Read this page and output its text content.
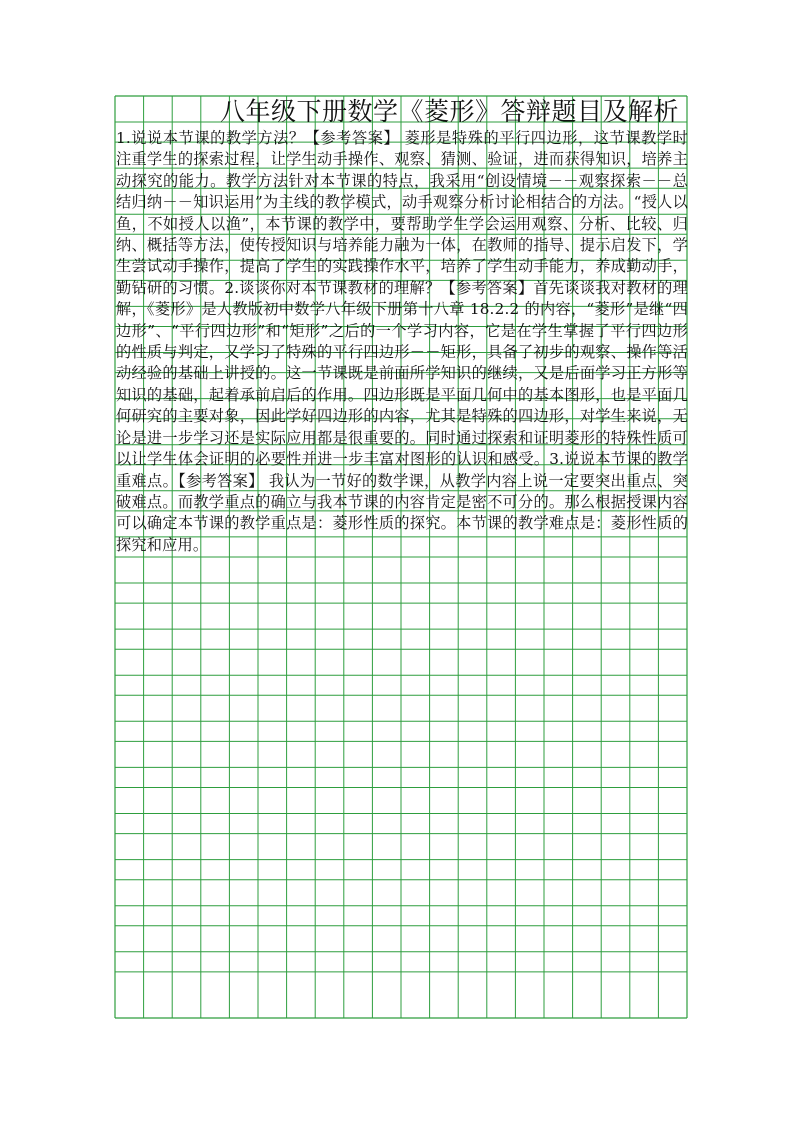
八年级下册数学《菱形》答辩题目及解析
1.说说本节课的教学方法？【参考答案】 菱形是特殊的平行四边形，这节课教学时注重学生的探索过程，让学生动手操作、观察、猜测、验证，进而获得知识，培养主动探究的能力。教学方法针对本节课的特点，我采用“创设情境－－观察探索－－总结归纳－－知识运用”为主线的教学模式，动手观察分析讨论相结合的方法。“授人以鱼，不如授人以渔”，本节课的教学中，要帮助学生学会运用观察、分析、比较、归纳、概括等方法，使传授知识与培养能力融为一体，在教师的指导、提示启发下，学生尝试动手操作，提高了学生的实践操作水平，培养了学生动手能力，养成勤动手，勤钻研的习惯。2.谈谈你对本节课教材的理解？【参考答案】首先谈谈我对教材的理解，《菱形》是人教版初中数学八年级下册第十八章 18.2.2 的内容，“菱形”是继“四边形”、“平行四边形”和“矩形”之后的一个学习内容，它是在学生掌握了平行四边形的性质与判定，又学习了特殊的平行四边形－－矩形，具备了初步的观察、操作等活动经验的基础上讲授的。这一节课既是前面所学知识的继续，又是后面学习正方形等知识的基础，起着承前启后的作用。四边形既是平面几何中的基本图形，也是平面几何研究的主要对象，因此学好四边形的内容，尤其是特殊的四边形，对学生来说，无论是进一步学习还是实际应用都是很重要的。同时通过探索和证明菱形的特殊性质可以让学生体会证明的必要性并进一步丰富对图形的认识和感受。3.说说本节课的教学重难点。【参考答案】 我认为一节好的数学课，从教学内容上说一定要突出重点、突破难点。而教学重点的确立与我本节课的内容肯定是密不可分的。那么根据授课内容可以确定本节课的教学重点是：菱形性质的探究。本节课的教学难点是：菱形性质的探究和应用。
